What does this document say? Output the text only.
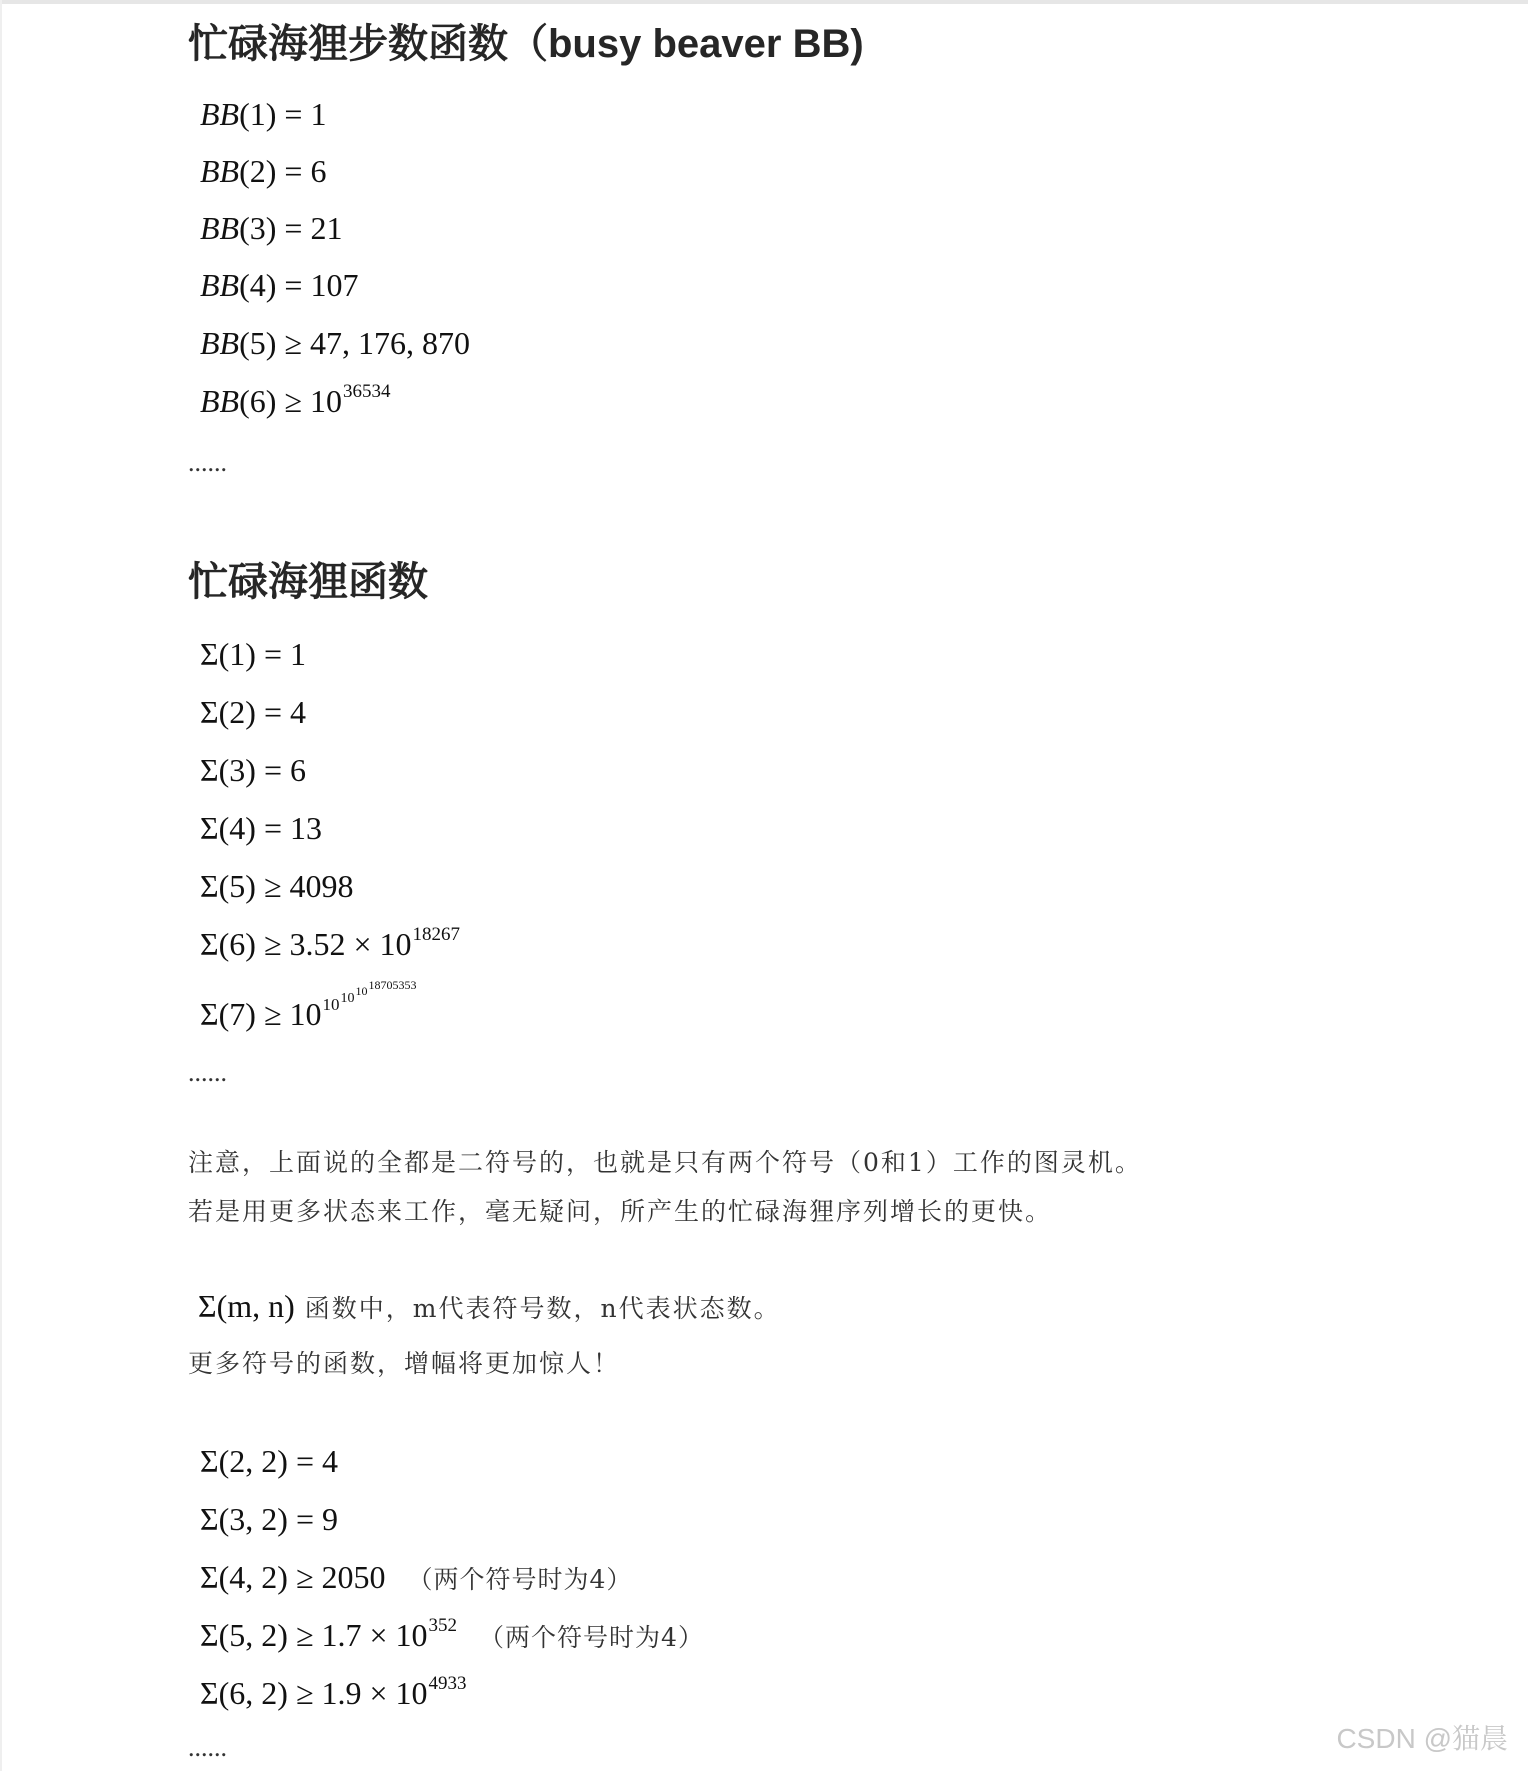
忙碌海狸步数函数（busy beaver BB)
BB(1) = 1
BB(2) = 6
BB(3) = 21
BB(4) = 107
BB(5) ≥ 47, 176, 870
$BB(6) \ge 10^{36534}$
......
忙碌海狸函数
Σ(1) = 1
Σ(2) = 4
Σ(3) = 6
Σ(4) = 13
Σ(5) ≥ 4098
$\Sigma(6) \ge 3.52 \times 10^{18267}$
$\Sigma(7) \ge 10^{10^{10^{10^{18705353}}}}$
......
注意，上面说的全都是二符号的，也就是只有两个符号（0和1）工作的图灵机。
若是用更多状态来工作，毫无疑问，所产生的忙碌海狸序列增长的更快。
Σ(m, n) 函数中，m代表符号数，n代表状态数。
更多符号的函数，增幅将更加惊人！
Σ(2, 2) = 4
Σ(3, 2) = 9
Σ(4, 2) ≥ 2050 （两个符号时为4）
Σ(5, $2) \ge 1.7 \times 10^{352}$ （两个符号时为4）
Σ(6, $2) \ge 1.9 \times 10^{4933}$
......	CSDN @猫晨
